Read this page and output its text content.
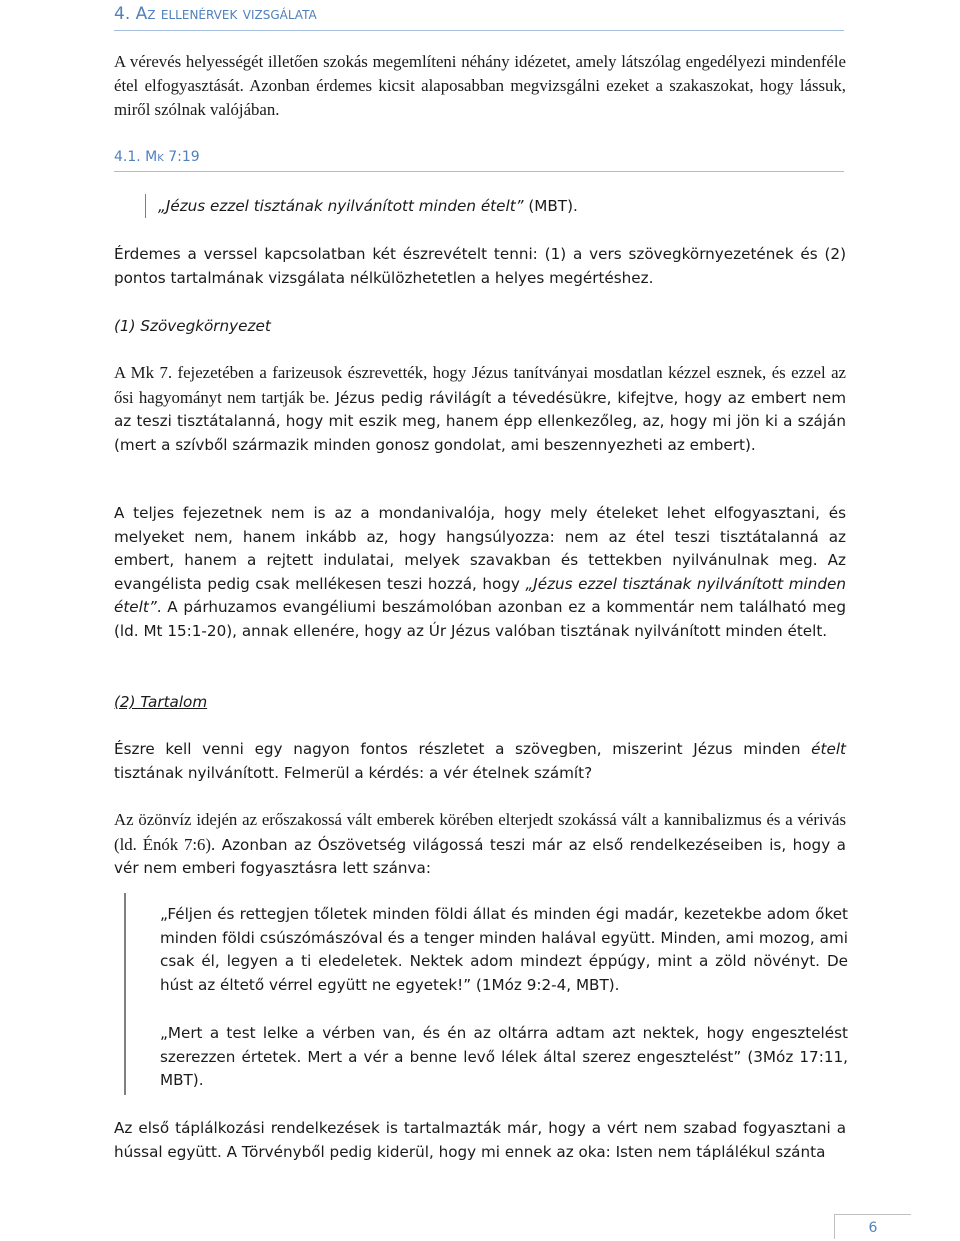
4. Az ellenérvek vizsgálata

A vérevés helyességét illetően szokás megemlíteni néhány idézetet, amely látszólag engedélyezi mindenféle étel elfogyasztását. Azonban érdemes kicsit alaposabban megvizsgálni ezeket a szakaszokat, hogy lássuk, miről szólnak valójában.

4.1. Mk 7:19
„Jézus ezzel tisztának nyilvánított minden ételt” (MBT).

Érdemes a verssel kapcsolatban két észrevételt tenni: (1) a vers szövegkörnyezetének és (2) pontos tartalmának vizsgálata nélkülözhetetlen a helyes megértéshez.

(1) Szövegkörnyezet

A Mk 7. fejezetében a farizeusok észrevették, hogy Jézus tanítványai mosdatlan kézzel esznek, és ezzel az ősi hagyományt nem tartják be. Jézus pedig rávilágít a tévedésükre, kifejtve, hogy az embert nem az teszi tisztátalanná, hogy mit eszik meg, hanem épp ellenkezőleg, az, hogy mi jön ki a száján (mert a szívből származik minden gonosz gondolat, ami beszennyezheti az embert).

A teljes fejezetnek nem is az a mondanivalója, hogy mely ételeket lehet elfogyasztani, és melyeket nem, hanem inkább az, hogy hangsúlyozza: nem az étel teszi tisztátalanná az embert, hanem a rejtett indulatai, melyek szavakban és tettekben nyilvánulnak meg. Az evangélista pedig csak mellékesen teszi hozzá, hogy „Jézus ezzel tisztának nyilvánított minden ételt”. A párhuzamos evangéliumi beszámolóban azonban ez a kommentár nem található meg (ld. Mt 15:1-20), annak ellenére, hogy az Úr Jézus valóban tisztának nyilvánított minden ételt.

(2) Tartalom

Észre kell venni egy nagyon fontos részletet a szövegben, miszerint Jézus minden ételt tisztának nyilvánított. Felmerül a kérdés: a vér ételnek számít?

Az özönvíz idején az erőszakossá vált emberek körében elterjedt szokássá vált a kannibalizmus és a vérivás (ld. Énók 7:6). Azonban az Ószövetség világossá teszi már az első rendelkezéseiben is, hogy a vér nem emberi fogyasztásra lett szánva:

„Féljen és rettegjen tőletek minden földi állat és minden égi madár, kezetekbe adom őket minden földi csúszómászóval és a tenger minden halával együtt. Minden, ami mozog, ami csak él, legyen a ti eledeletek. Nektek adom mindezt éppúgy, mint a zöld növényt. De húst az éltető vérrel együtt ne egyetek!” (1Móz 9:2-4, MBT).

„Mert a test lelke a vérben van, és én az oltárra adtam azt nektek, hogy engesztelést szerezzen értetek. Mert a vér a benne levő lélek által szerez engesztelést” (3Móz 17:11, MBT).

Az első táplálkozási rendelkezések is tartalmazták már, hogy a vért nem szabad fogyasztani a hússal együtt. A Törvényből pedig kiderül, hogy mi ennek az oka: Isten nem táplálékul szánta

6
